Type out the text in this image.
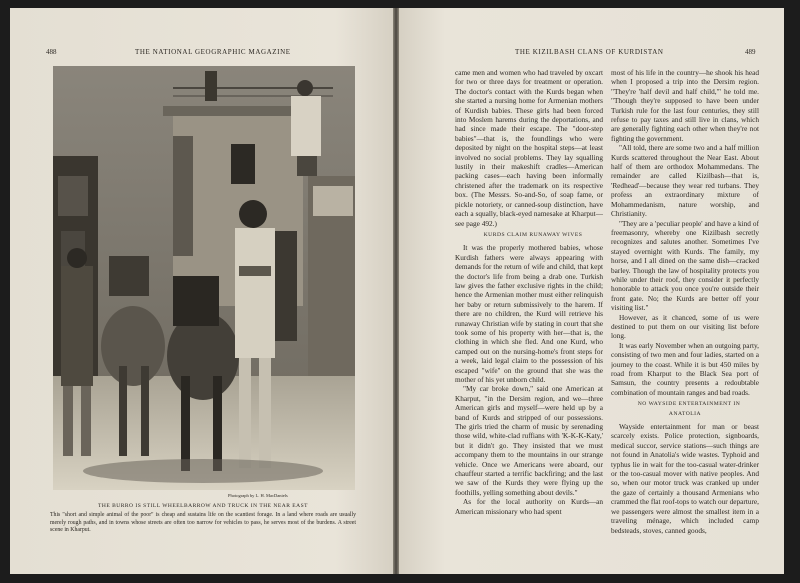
488	THE NATIONAL GEOGRAPHIC MAGAZINE
Photograph by L. H. MacDaniels
THE BURRO IS STILL WHEELBARROW AND TRUCK IN THE NEAR EAST
This "short and simple animal of the poor" is cheap and sustains life on the scantiest forage. In a land where roads are usually merely rough paths, and in towns whose streets are often too narrow for vehicles to pass, he serves most of the burdens. A street scene in Kharput.
THE KIZILBASH CLANS OF KURDISTAN	489

came men and women who had traveled by oxcart for two or three days for treatment or operation. The doctor's contact with the Kurds began when she started a nursing home for Armenian mothers of Kurdish babies. These girls had been forced into Moslem harems during the deportations, and had since made their escape. The "door-step babies"—that is, the foundlings who were deposited by night on the hospital steps—at least involved no social problems. They lay squalling lustily in their makeshift cradles—American packing cases—each having been informally christened after the trademark on its respective box. (The Messrs. So-and-So, of soap fame, or pickle notoriety, or canned-soup distinction, have each a squally, black-eyed namesake at Kharput—see page 492.)

KURDS CLAIM RUNAWAY WIVES

It was the properly mothered babies, whose Kurdish fathers were always appearing with demands for the return of wife and child, that kept the doctor's life from being a drab one. Turkish law gives the father exclusive rights in the child; hence the Armenian mother must either relinquish her baby or return submissively to the harem. If there are no children, the Kurd will retrieve his runaway Christian wife by stating in court that she took some of his property with her—that is, the clothing in which she fled. And one Kurd, who camped out on the nursing-home's front steps for a week, laid legal claim to the possession of his escaped "wife" on the ground that she was the mother of his yet unborn child.

"My car broke down," said one American at Kharput, "in the Dersim region, and we—three American girls and myself—were held up by a band of Kurds and stripped of our possessions. The girls tried the charm of music by serenading those wild, white-clad ruffians with 'K-K-K-Katy,' but it didn't go. They insisted that we must accompany them to the mountains in our strange vehicle. Once we Americans were aboard, our chauffeur started a terrific backfiring; and the last we saw of the Kurds they were flying up the foothills, yelling something about devils."

As for the local authority on Kurds—an American missionary who had spent

most of his life in the country—he shook his head when I proposed a trip into the Dersim region. "They're 'half devil and half child,'" he told me. "Though they're supposed to have been under Turkish rule for the last four centuries, they still refuse to pay taxes and still live in clans, which are generally fighting each other when they're not fighting the government.

"All told, there are some two and a half million Kurds scattered throughout the Near East. About half of them are orthodox Mohammedans. The remainder are called Kizilbash—that is, 'Redhead'—because they wear red turbans. They profess an extraordinary mixture of Mohammedanism, nature worship, and Christianity.

"They are a 'peculiar people' and have a kind of freemasonry, whereby one Kizilbash secretly recognizes and salutes another. Sometimes I've stayed overnight with Kurds. The family, my horse, and I all dined on the same dish—cracked barley. Though the law of hospitality protects you while under their roof, they consider it perfectly honorable to attack you once you're outside their front gate. No; the Kurds are better off your visiting list."

However, as it chanced, some of us were destined to put them on our visiting list before long.

It was early November when an outgoing party, consisting of two men and four ladies, started on a journey to the coast. While it is but 450 miles by road from Kharput to the Black Sea port of Samsun, the country presents a redoubtable combination of mountain ranges and bad roads.

NO WAYSIDE ENTERTAINMENT IN
ANATOLIA

Wayside entertainment for man or beast scarcely exists. Police protection, signboards, medical succor, service stations—such things are not found in Anatolia's wide wastes. Typhoid and typhus lie in wait for the too-casual water-drinker or the too-casual mover with native peoples. And so, when our motor truck was cranked up under the gaze of certainly a thousand Armenians who crammed the flat roof-tops to watch our departure, we passengers were almost the smallest item in a traveling ménage, which included camp bedsteads, stoves, canned goods,
